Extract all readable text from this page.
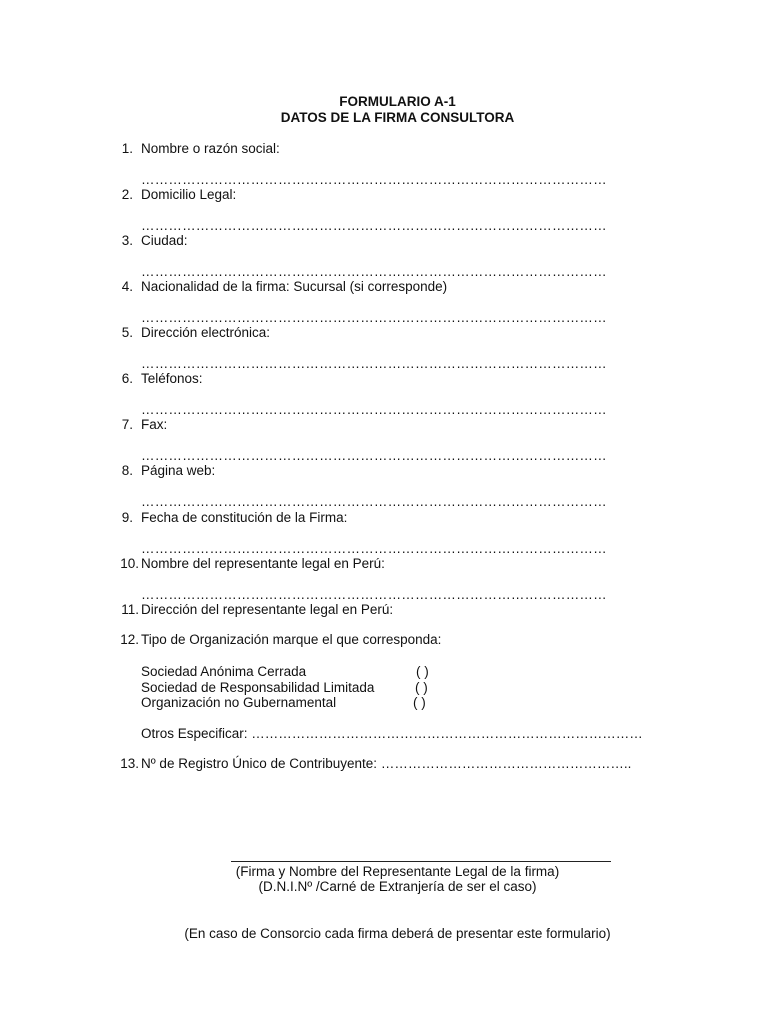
FORMULARIO A-1
DATOS DE LA FIRMA CONSULTORA
1. Nombre o razón social:
…………………………………………………………………………………………
2. Domicilio Legal:
…………………………………………………………………………………………
3. Ciudad:
…………………………………………………………………………………………
4. Nacionalidad de la firma: Sucursal (si corresponde)
…………………………………………………………………………………………
5. Dirección electrónica:
…………………………………………………………………………………………
6. Teléfonos:
…………………………………………………………………………………………
7. Fax:
…………………………………………………………………………………………
8. Página web:
…………………………………………………………………………………………
9. Fecha de constitución de la Firma:
…………………………………………………………………………………………
10. Nombre del representante legal en Perú:
…………………………………………………………………………………………
11. Dirección del representante legal en Perú:
12. Tipo de Organización marque el que corresponda:
Sociedad Anónima Cerrada	( )
Sociedad de Responsabilidad Limitada	( )
Organización no Gubernamental	( )
Otros Especificar: ……………………………………………………………………………
13. Nº de Registro Único de Contribuyente: ………………………………………………..
(Firma y Nombre del Representante Legal de la firma)
(D.N.I.Nº /Carné de Extranjería de ser el caso)
(En caso de Consorcio cada firma deberá de presentar este formulario)
